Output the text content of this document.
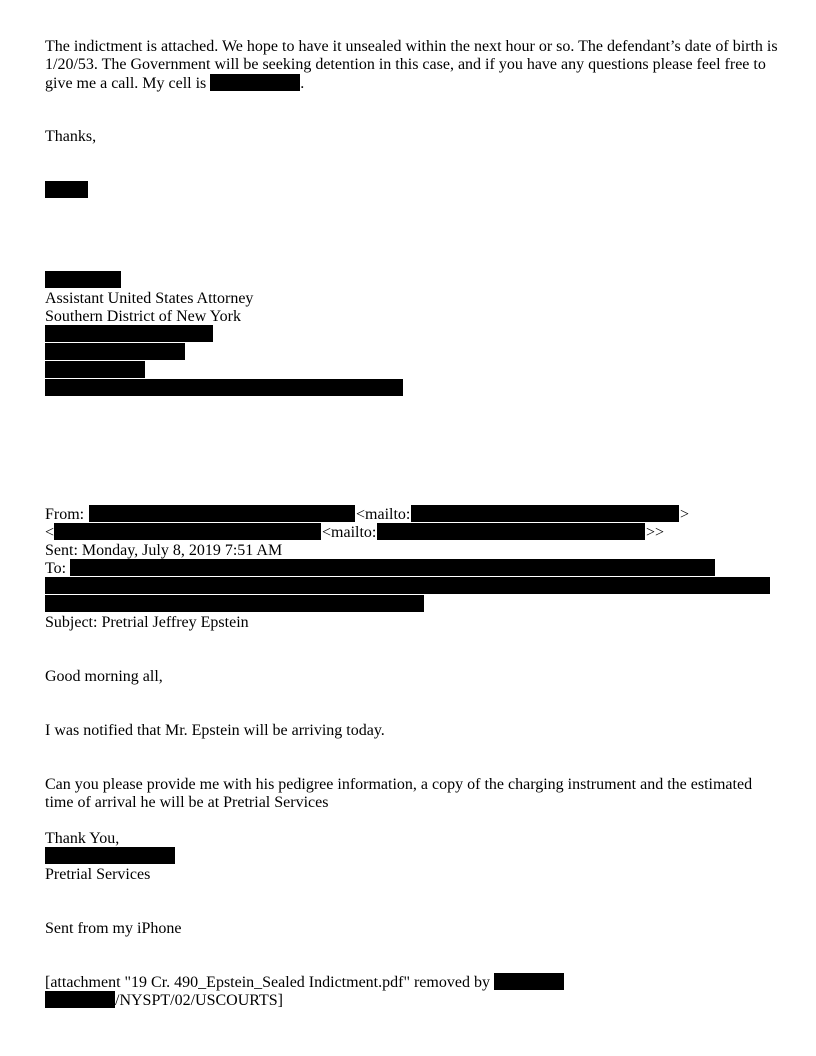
The indictment is attached. We hope to have it unsealed within the next hour or so. The defendant’s date of birth is 1/20/53. The Government will be seeking detention in this case, and if you have any questions please feel free to give me a call. My cell is	.
Thanks,
Assistant United States Attorney
Southern District of New York
From:	<mailto:	>
<	<mailto:	>>
Sent: Monday, July 8, 2019 7:51 AM
To:
Subject: Pretrial Jeffrey Epstein
Good morning all,
I was notified that Mr. Epstein will be arriving today.
Can you please provide me with his pedigree information, a copy of the charging instrument and the estimated time of arrival he will be at Pretrial Services
Thank You,
Pretrial Services
Sent from my iPhone
[attachment "19 Cr. 490_Epstein_Sealed Indictment.pdf" removed by
/NYSPT/02/USCOURTS]
